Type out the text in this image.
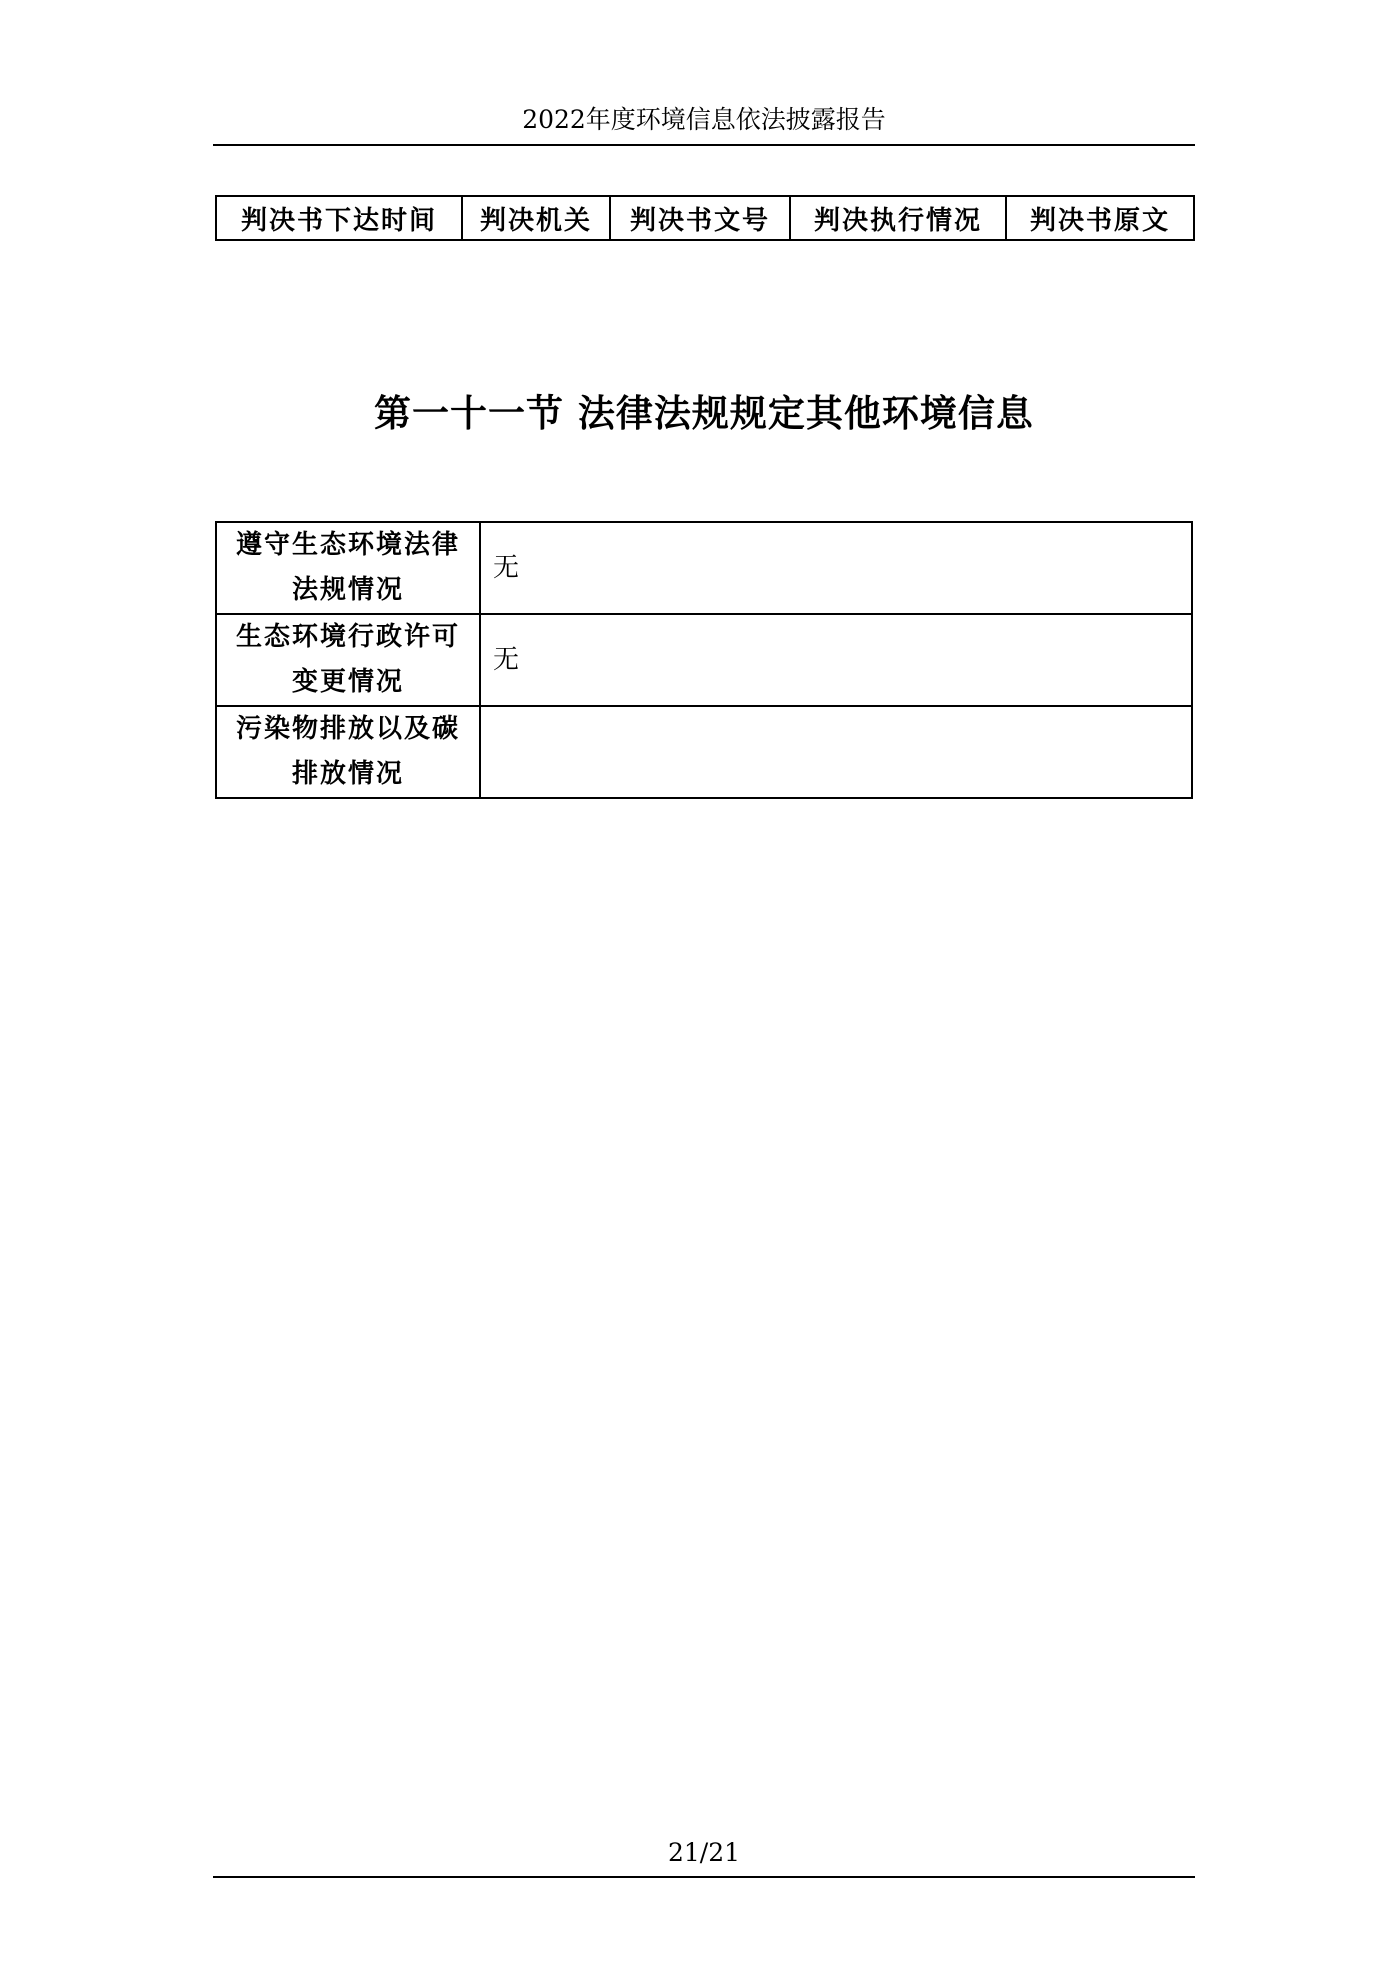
2022年度环境信息依法披露报告
判决书下达时间	判决机关	判决书文号	判决执行情况	判决书原文
第一十一节 法律法规规定其他环境信息
遵守生态环境法律
法规情况	无

生态环境行政许可
变更情况	无

污染物排放以及碳
排放情况	

21/21
